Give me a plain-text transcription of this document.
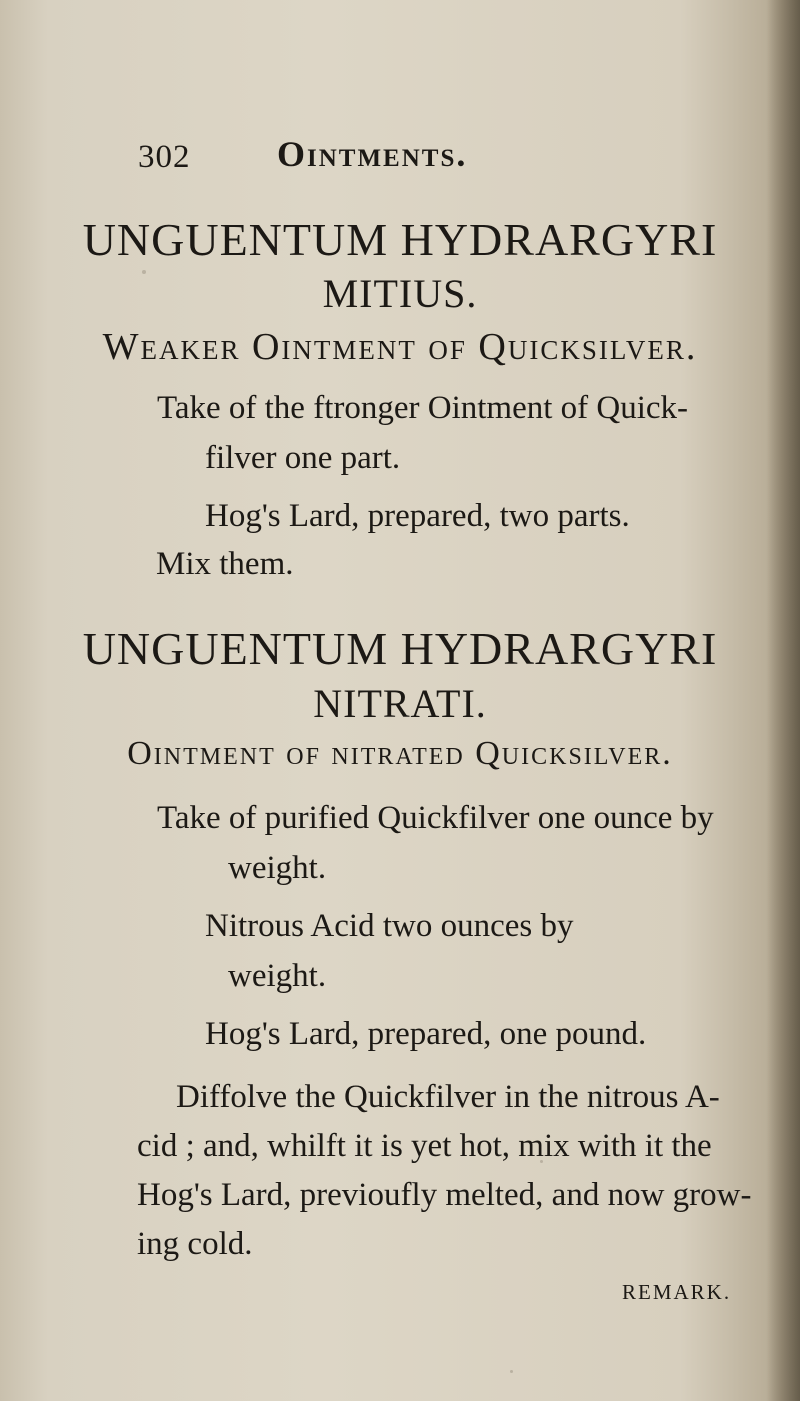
302 Ointments.
UNGUENTUM HYDRARGYRI
MITIUS.
Weaker Ointment of Quicksilver.
Take of the ftronger Ointment of Quick-
filver one part.
Hog's Lard, prepared, two parts.
Mix them.
UNGUENTUM HYDRARGYRI
NITRATI.
Ointment of nitrated Quicksilver.
Take of purified Quickfilver one ounce by
weight.
Nitrous Acid two ounces by
weight.
Hog's Lard, prepared, one pound.
Diffolve the Quickfilver in the nitrous A-
cid ; and, whilft it is yet hot, mix with it the
Hog's Lard, previoufly melted, and now grow-
ing cold.
REMARK.
